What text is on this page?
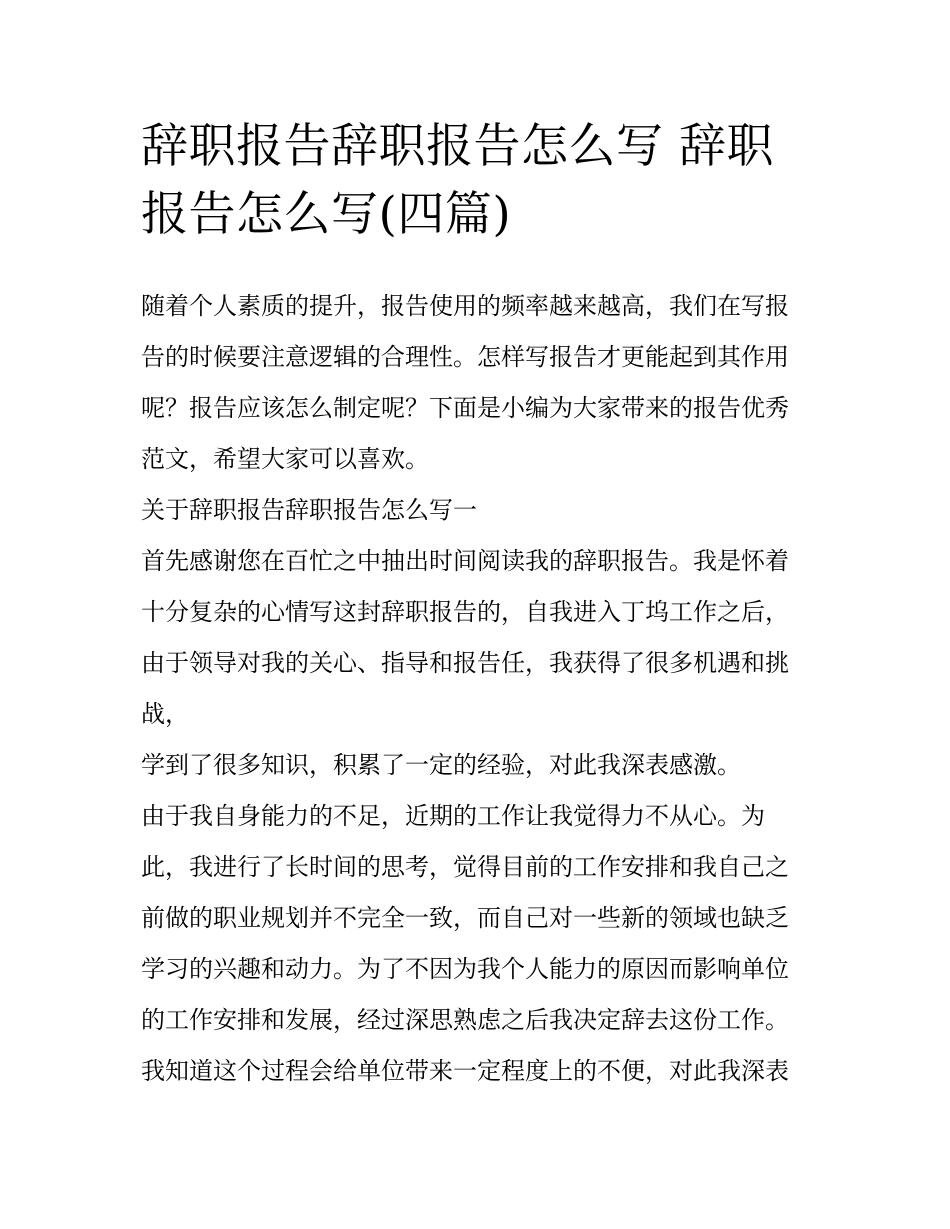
辞职报告辞职报告怎么写 辞职
报告怎么写(四篇)
随着个人素质的提升，报告使用的频率越来越高，我们在写报
告的时候要注意逻辑的合理性。怎样写报告才更能起到其作用
呢？报告应该怎么制定呢？下面是小编为大家带来的报告优秀
范文，希望大家可以喜欢。
关于辞职报告辞职报告怎么写一
首先感谢您在百忙之中抽出时间阅读我的辞职报告。我是怀着
十分复杂的心情写这封辞职报告的，自我进入丁坞工作之后，
由于领导对我的关心、指导和报告任，我获得了很多机遇和挑
战，
学到了很多知识，积累了一定的经验，对此我深表感激。
由于我自身能力的不足，近期的工作让我觉得力不从心。为
此，我进行了长时间的思考，觉得目前的工作安排和我自己之
前做的职业规划并不完全一致，而自己对一些新的领域也缺乏
学习的兴趣和动力。为了不因为我个人能力的原因而影响单位
的工作安排和发展，经过深思熟虑之后我决定辞去这份工作。
我知道这个过程会给单位带来一定程度上的不便，对此我深表
